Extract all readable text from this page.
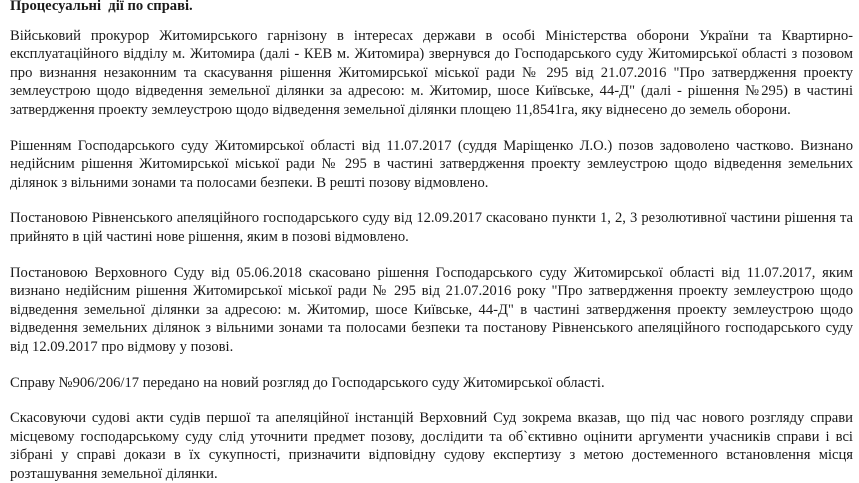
Процесуальні  дії по справі.

Військовий прокурор Житомирського гарнізону в інтересах держави в особі Міністерства оборони України та Квартирно-експлуатаційного відділу м. Житомира (далі - КЕВ м. Житомира) звернувся до Господарського суду Житомирської області з позовом про визнання незаконним та скасування рішення Житомирської міської ради № 295 від 21.07.2016 "Про затвердження проекту землеустрою щодо відведення земельної ділянки за адресою: м. Житомир, шосе Київське, 44-Д" (далі - рішення №295) в частині затвердження проекту землеустрою щодо відведення земельної ділянки площею 11,8541га, яку віднесено до земель оборони.

Рішенням Господарського суду Житомирської області від 11.07.2017 (суддя Маріщенко Л.О.) позов задоволено частково. Визнано недійсним рішення Житомирської міської ради № 295 в частині затвердження проекту землеустрою щодо відведення земельних ділянок з вільними зонами та полосами безпеки. В решті позову відмовлено.

Постановою Рівненського апеляційного господарського суду від 12.09.2017 скасовано пункти 1, 2, 3 резолютивної частини рішення та прийнято в цій частині нове рішення, яким в позові відмовлено.

Постановою Верховного Суду від 05.06.2018 скасовано рішення Господарського суду Житомирської області від 11.07.2017, яким визнано недійсним рішення Житомирської міської ради № 295 від 21.07.2016 року "Про затвердження проекту землеустрою щодо відведення земельної ділянки за адресою: м. Житомир, шосе Київське, 44-Д" в частині затвердження проекту землеустрою щодо відведення земельних ділянок з вільними зонами та полосами безпеки та постанову Рівненського апеляційного господарського суду від 12.09.2017 про відмову у позові.

Справу №906/206/17 передано на новий розгляд до Господарського суду Житомирської області.

Скасовуючи судові акти судів першої та апеляційної інстанцій Верховний Суд зокрема вказав, що під час нового розгляду справи місцевому господарському суду слід уточнити предмет позову, дослідити та об`єктивно оцінити аргументи учасників справи і всі зібрані у справі докази в їх сукупності, призначити відповідну судову експертизу з метою достеменного встановлення місця розташування земельної ділянки.
